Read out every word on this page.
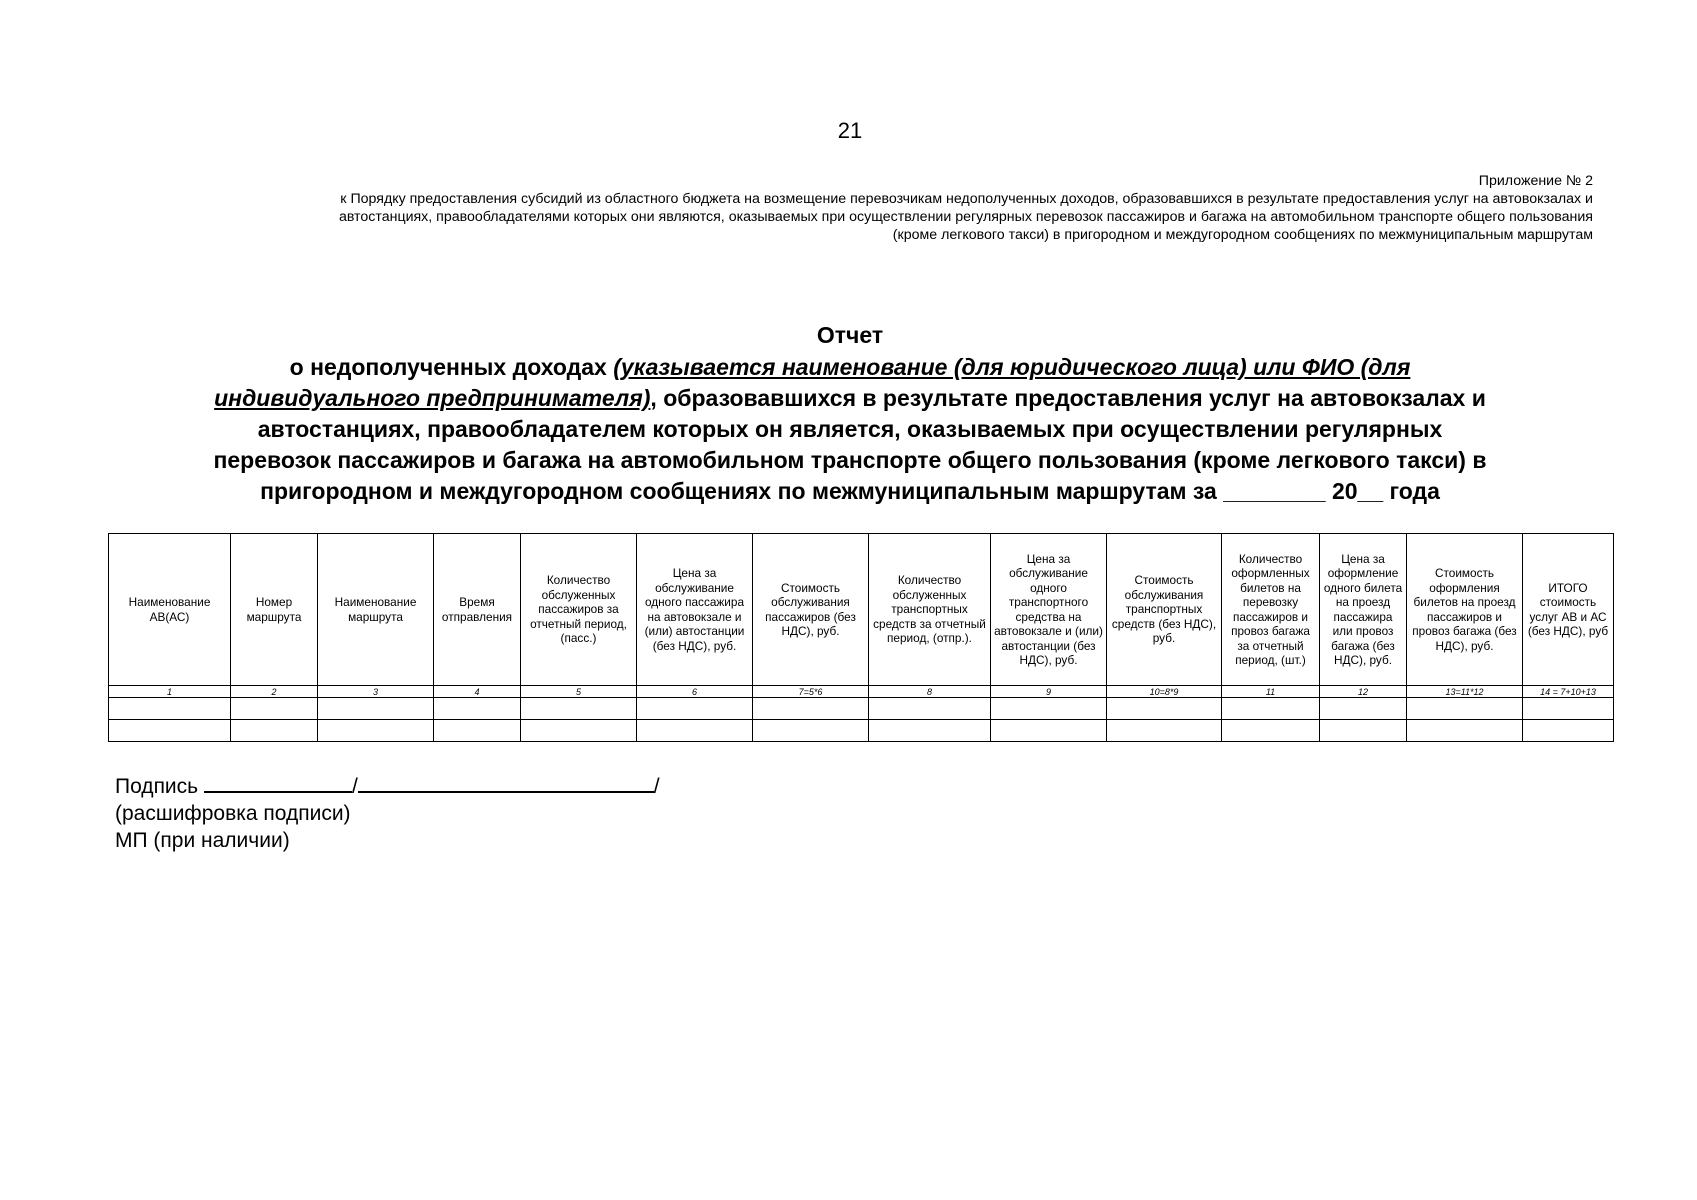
21
Приложение № 2
к Порядку предоставления субсидий из областного бюджета на возмещение перевозчикам недополученных доходов, образовавшихся в результате предоставления услуг на автовокзалах и
автостанциях, правообладателями которых они являются, оказываемых при осуществлении регулярных перевозок пассажиров и багажа на автомобильном транспорте общего пользования
(кроме легкового такси) в пригородном и междугородном сообщениях по межмуниципальным маршрутам
Отчет
о недополученных доходах (указывается наименование (для юридического лица) или ФИО (для
индивидуального предпринимателя), образовавшихся в результате предоставления услуг на автовокзалах и
автостанциях, правообладателем которых он является, оказываемых при осуществлении регулярных
перевозок пассажиров и багажа на автомобильном транспорте общего пользования (кроме легкового такси) в
пригородном и междугородном сообщениях по межмуниципальным маршрутам за ________ 20__ года
Наименование АВ(АС)	Номер маршрута	Наименование маршрута	Время отправления	Количество обслуженных пассажиров за отчетный период, (пасс.)	Цена за обслуживание одного пассажира на автовокзале и (или) автостанции (без НДС), руб.	Стоимость обслуживания пассажиров (без НДС), руб.	Количество обслуженных транспортных средств за отчетный период, (отпр.).	Цена за обслуживание одного транспортного средства на автовокзале и (или) автостанции (без НДС), руб.	Стоимость обслуживания транспортных средств (без НДС), руб.	Количество оформленных билетов на перевозку пассажиров и провоз багажа за отчетный период, (шт.)	Цена за оформление одного билета на проезд пассажира или провоз багажа (без НДС), руб.	Стоимость оформления билетов на проезд пассажиров и провоз багажа (без НДС), руб.	ИТОГО стоимость услуг АВ и АС (без НДС), руб
1	2	3	4	5	6	7=5*6	8	9	10=8*9	11	12	13=11*12	14 = 7+10+13

Подпись	/	/
(расшифровка подписи)
МП (при наличии)
